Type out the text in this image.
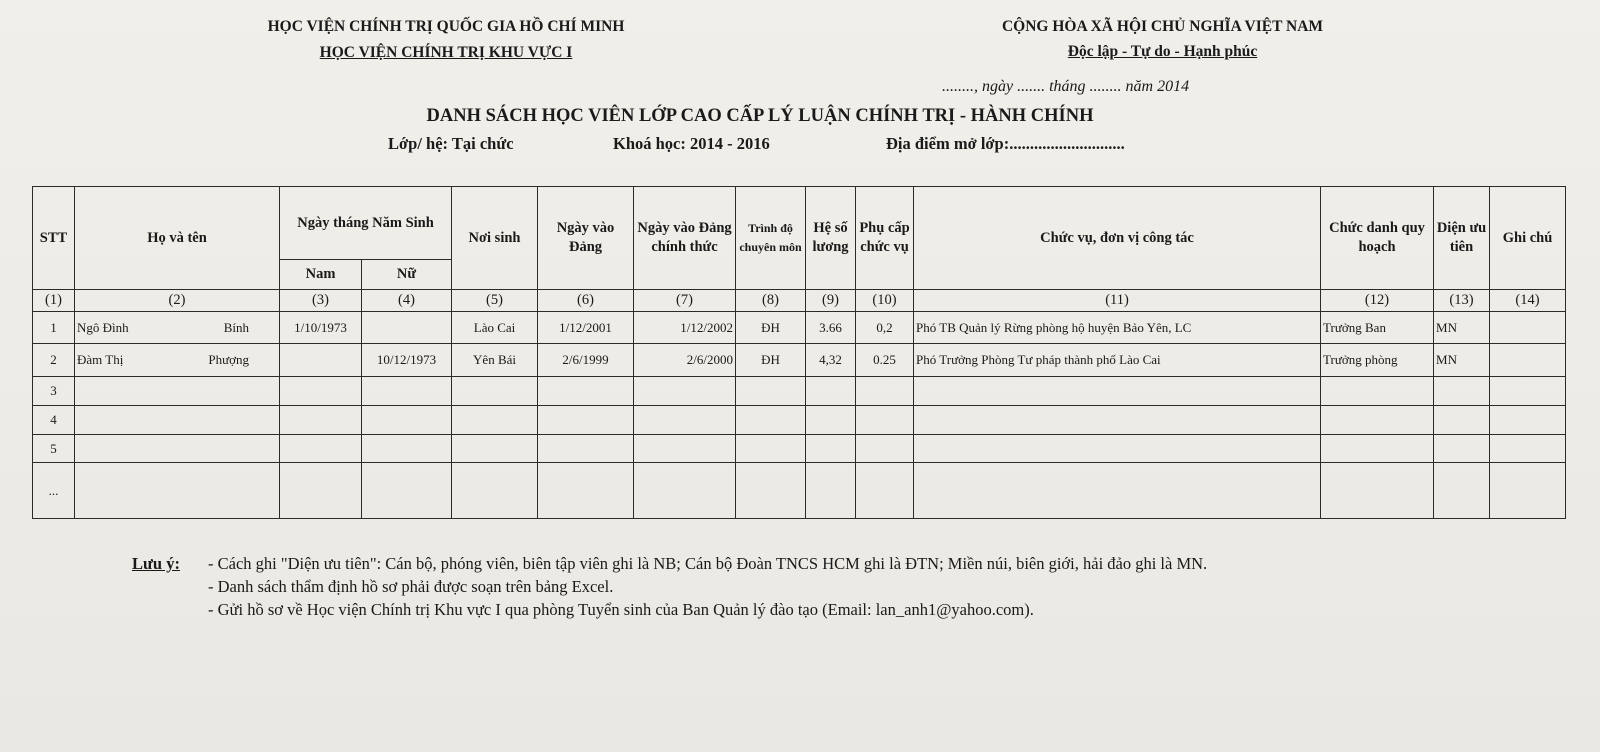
HỌC VIỆN CHÍNH TRỊ QUỐC GIA HỒ CHÍ MINH
HỌC VIỆN CHÍNH TRỊ KHU VỰC I
CỘNG HÒA XÃ HỘI CHỦ NGHĨA VIỆT NAM
Độc lập - Tự do - Hạnh phúc
........, ngày ....... tháng ........ năm 2014
DANH SÁCH HỌC VIÊN LỚP CAO CẤP LÝ LUẬN CHÍNH TRỊ - HÀNH CHÍNH
Lớp/ hệ: Tại chức	Khoá học: 2014 - 2016	Địa điểm mở lớp:............................
STT	Họ và tên	Ngày tháng Năm Sinh		Nơi sinh	Ngày vào Đảng	Ngày vào Đảng chính thức	Trình độ chuyên môn	Hệ số lương	Phụ cấp chức vụ	Chức vụ, đơn vị công tác	Chức danh quy hoạch	Diện ưu tiên	Ghi chú
		Nam	Nữ										
(1)	(2)	(3)	(4)	(5)	(6)	(7)	(8)	(9)	(10)	(11)	(12)	(13)	(14)
1	Ngô Đình Bính	1/10/1973		Lào Cai	1/12/2001	1/12/2002	ĐH	3.66	0,2	Phó TB Quản lý Rừng phòng hộ huyện Bảo Yên, LC	Trưởng Ban	MN	
2	Đàm Thị Phượng		10/12/1973	Yên Bái	2/6/1999	2/6/2000	ĐH	4,32	0.25	Phó Trưởng Phòng Tư pháp thành phố Lào Cai	Trưởng phòng	MN	
3													
4													
5													
...													
Lưu ý: - Cách ghi "Diện ưu tiên": Cán bộ, phóng viên, biên tập viên ghi là NB; Cán bộ Đoàn TNCS HCM ghi là ĐTN; Miền núi, biên giới, hải đảo ghi là MN.
- Danh sách thẩm định hồ sơ phải được soạn trên bảng Excel.
- Gửi hồ sơ về Học viện Chính trị Khu vực I qua phòng Tuyển sinh của Ban Quản lý đào tạo (Email: lan_anh1@yahoo.com).
